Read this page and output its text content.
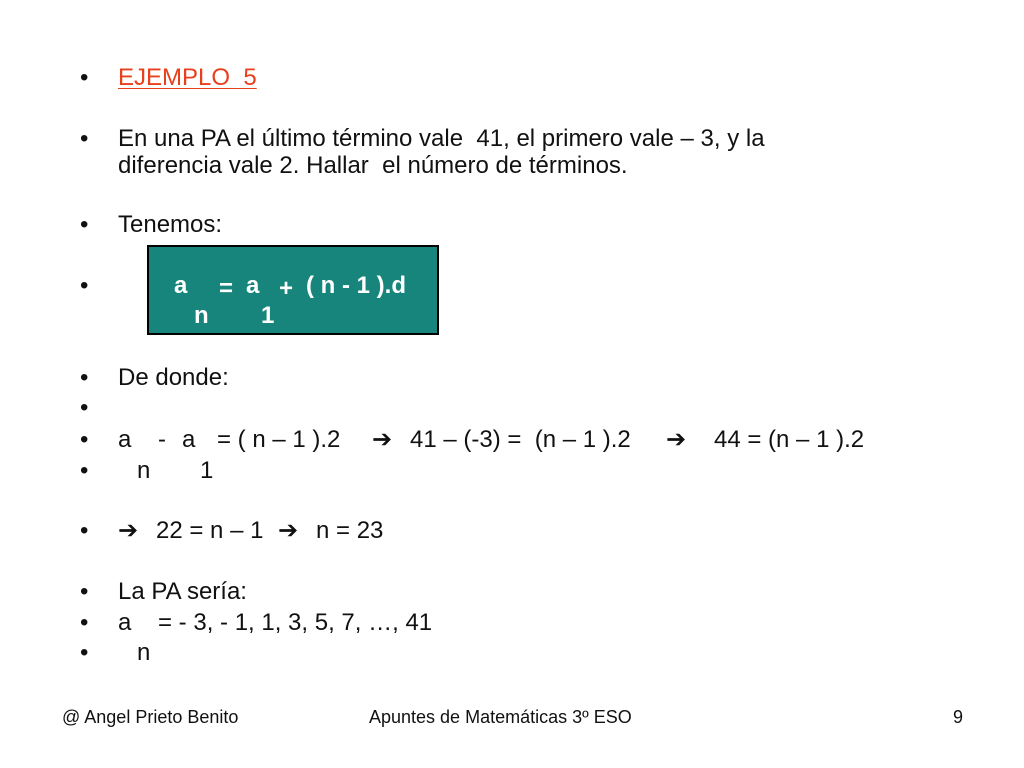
• EJEMPLO  5
• En una PA el último término vale  41, el primero vale – 3, y la
diferencia vale 2. Hallar  el número de términos.
• Tenemos:
•	a = a + ( n - 1 ).d
n 1
• De donde:
•
• a - a = ( n – 1 ).2 ➔ 41 – (-3) =  (n – 1 ).2 ➔ 44 = (n – 1 ).2
• n 1
• ➔ 22 = n – 1 ➔ n = 23
• La PA sería:
• a = - 3, - 1, 1, 3, 5, 7, …, 41
• n
@ Angel Prieto Benito	Apuntes de Matemáticas 3º ESO	9
